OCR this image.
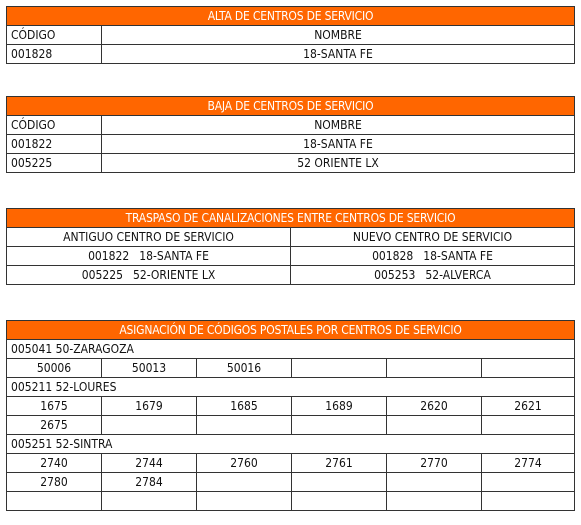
ALTA DE CENTROS DE SERVICIO	
CÓDIGO	NOMBRE
001828	18-SANTA FE
BAJA DE CENTROS DE SERVICIO	
CÓDIGO	NOMBRE
001822	18-SANTA FE
005225	52 ORIENTE LX
TRASPASO DE CANALIZACIONES ENTRE CENTROS DE SERVICIO	
ANTIGUO CENTRO DE SERVICIO	NUEVO CENTRO DE SERVICIO
001822 18-SANTA FE	001828 18-SANTA FE
005225 52-ORIENTE LX	005253 52-ALVERCA
ASIGNACIÓN DE CÓDIGOS POSTALES POR CENTROS DE SERVICIO					
005041 50-ZARAGOZA					
50006	50013	50016			
005211 52-LOURES					
1675	1679	1685	1689	2620	2621
2675					
005251 52-SINTRA					
2740	2744	2760	2761	2770	2774
2780	2784				
